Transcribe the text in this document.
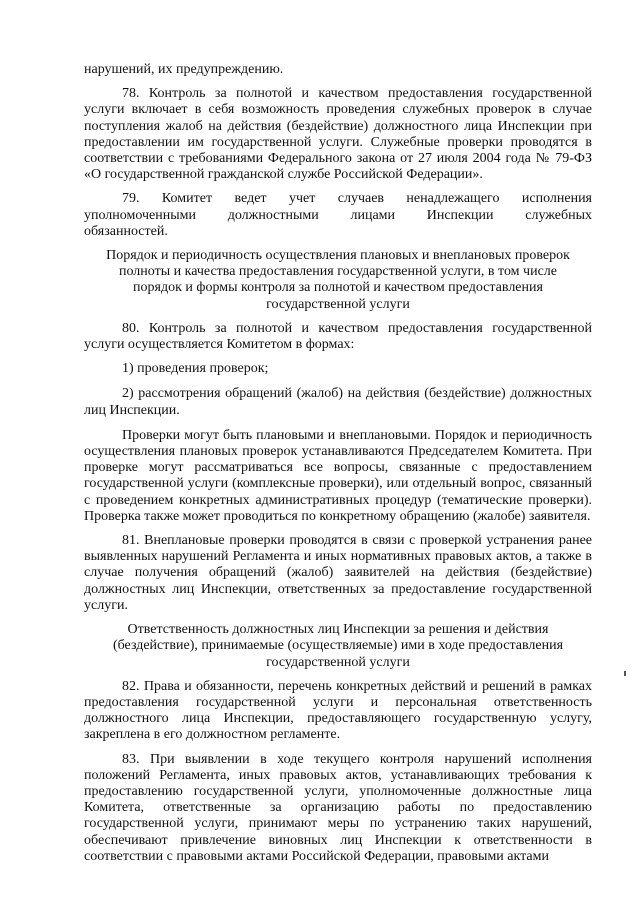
нарушений, их предупреждению.

78. Контроль за полнотой и качеством предоставления государственной услуги включает в себя возможность проведения служебных проверок в случае поступления жалоб на действия (бездействие) должностного лица Инспекции при предоставлении им государственной услуги. Служебные проверки проводятся в соответствии с требованиями Федерального закона от 27 июля 2004 года № 79-ФЗ «О государственной гражданской службе Российской Федерации».

79. Комитет ведет учет случаев ненадлежащего исполнения уполномоченными должностными лицами Инспекции служебных обязанностей.

Порядок и периодичность осуществления плановых и внеплановых проверок полноты и качества предоставления государственной услуги, в том числе порядок и формы контроля за полнотой и качеством предоставления государственной услуги

80. Контроль за полнотой и качеством предоставления государственной услуги осуществляется Комитетом в формах:

1) проведения проверок;

2) рассмотрения обращений (жалоб) на действия (бездействие) должностных лиц Инспекции.

Проверки могут быть плановыми и внеплановыми. Порядок и периодичность осуществления плановых проверок устанавливаются Председателем Комитета. При проверке могут рассматриваться все вопросы, связанные с предоставлением государственной услуги (комплексные проверки), или отдельный вопрос, связанный с проведением конкретных административных процедур (тематические проверки). Проверка также может проводиться по конкретному обращению (жалобе) заявителя.

81. Внеплановые проверки проводятся в связи с проверкой устранения ранее выявленных нарушений Регламента и иных нормативных правовых актов, а также в случае получения обращений (жалоб) заявителей на действия (бездействие) должностных лиц Инспекции, ответственных за предоставление государственной услуги.

Ответственность должностных лиц Инспекции за решения и действия (бездействие), принимаемые (осуществляемые) ими в ходе предоставления государственной услуги

82. Права и обязанности, перечень конкретных действий и решений в рамках предоставления государственной услуги и персональная ответственность должностного лица Инспекции, предоставляющего государственную услугу, закреплена в его должностном регламенте.

83. При выявлении в ходе текущего контроля нарушений исполнения положений Регламента, иных правовых актов, устанавливающих требования к предоставлению государственной услуги, уполномоченные должностные лица Комитета, ответственные за организацию работы по предоставлению государственной услуги, принимают меры по устранению таких нарушений, обеспечивают привлечение виновных лиц Инспекции к ответственности в соответствии с правовыми актами Российской Федерации, правовыми актами
